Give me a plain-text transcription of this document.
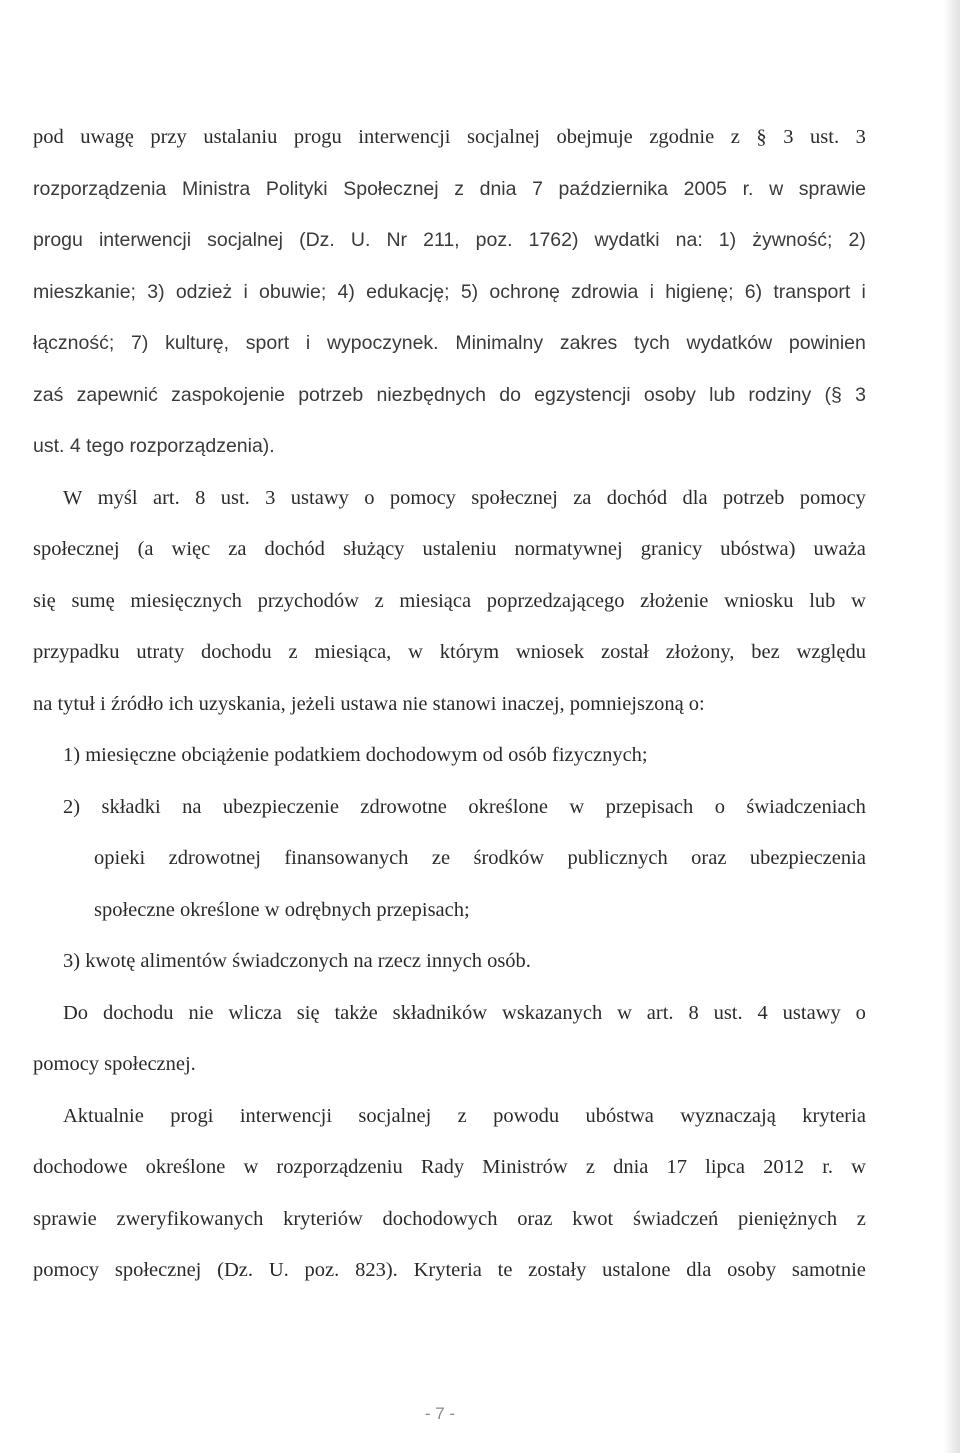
pod uwagę przy ustalaniu progu interwencji socjalnej obejmuje zgodnie z § 3 ust. 3
rozporządzenia Ministra Polityki Społecznej z dnia 7 października 2005 r. w sprawie
progu interwencji socjalnej (Dz. U. Nr 211, poz. 1762) wydatki na: 1) żywność; 2)
mieszkanie; 3) odzież i obuwie; 4) edukację; 5) ochronę zdrowia i higienę; 6) transport i
łączność; 7) kulturę, sport i wypoczynek. Minimalny zakres tych wydatków powinien
zaś zapewnić zaspokojenie potrzeb niezbędnych do egzystencji osoby lub rodziny (§ 3
ust. 4 tego rozporządzenia).
W myśl art. 8 ust. 3 ustawy o pomocy społecznej za dochód dla potrzeb pomocy
społecznej (a więc za dochód służący ustaleniu normatywnej granicy ubóstwa) uważa
się sumę miesięcznych przychodów z miesiąca poprzedzającego złożenie wniosku lub w
przypadku utraty dochodu z miesiąca, w którym wniosek został złożony, bez względu
na tytuł i źródło ich uzyskania, jeżeli ustawa nie stanowi inaczej, pomniejszoną o:
1) miesięczne obciążenie podatkiem dochodowym od osób fizycznych;
2) składki na ubezpieczenie zdrowotne określone w przepisach o świadczeniach
opieki zdrowotnej finansowanych ze środków publicznych oraz ubezpieczenia
społeczne określone w odrębnych przepisach;
3) kwotę alimentów świadczonych na rzecz innych osób.
Do dochodu nie wlicza się także składników wskazanych w art. 8 ust. 4 ustawy o
pomocy społecznej.
Aktualnie progi interwencji socjalnej z powodu ubóstwa wyznaczają kryteria
dochodowe określone w rozporządzeniu Rady Ministrów z dnia 17 lipca 2012 r. w
sprawie zweryfikowanych kryteriów dochodowych oraz kwot świadczeń pieniężnych z
pomocy społecznej (Dz. U. poz. 823). Kryteria te zostały ustalone dla osoby samotnie
- 7 -
